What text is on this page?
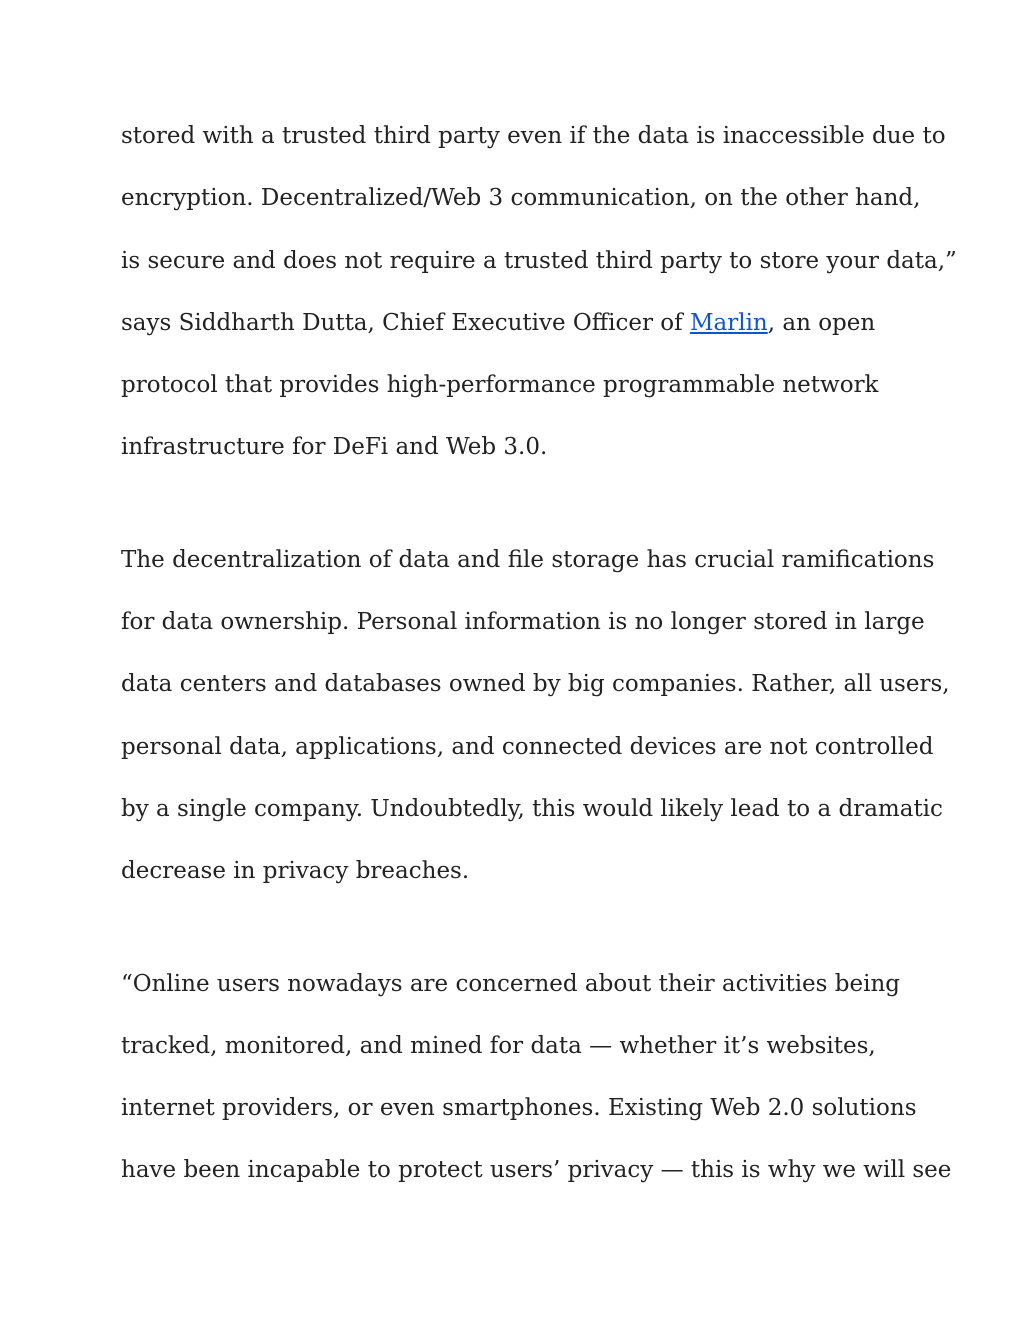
stored with a trusted third party even if the data is inaccessible due to
encryption. Decentralized/Web 3 communication, on the other hand,
is secure and does not require a trusted third party to store your data,”
says Siddharth Dutta, Chief Executive Officer of Marlin, an open
protocol that provides high-performance programmable network
infrastructure for DeFi and Web 3.0.
The decentralization of data and file storage has crucial ramifications
for data ownership. Personal information is no longer stored in large
data centers and databases owned by big companies. Rather, all users,
personal data, applications, and connected devices are not controlled
by a single company. Undoubtedly, this would likely lead to a dramatic
decrease in privacy breaches.
“Online users nowadays are concerned about their activities being
tracked, monitored, and mined for data — whether it’s websites,
internet providers, or even smartphones. Existing Web 2.0 solutions
have been incapable to protect users’ privacy — this is why we will see
